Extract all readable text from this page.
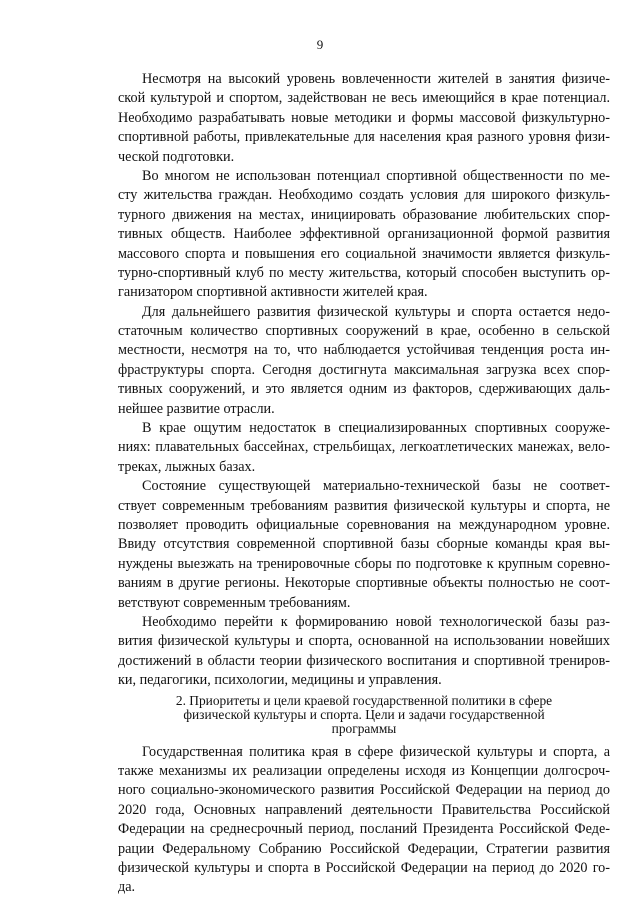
9
Несмотря на высокий уровень вовлеченности жителей в занятия физиче-
ской культурой и спортом, задействован не весь имеющийся в крае потенциал.
Необходимо разрабатывать новые методики и формы массовой физкультурно-
спортивной работы, привлекательные для населения края разного уровня физи-
ческой подготовки.
Во многом не использован потенциал спортивной общественности по ме-
сту жительства граждан. Необходимо создать условия для широкого физкуль-
турного движения на местах, инициировать образование любительских спор-
тивных обществ. Наиболее эффективной организационной формой развития
массового спорта и повышения его социальной значимости является физкуль-
турно-спортивный клуб по месту жительства, который способен выступить ор-
ганизатором спортивной активности жителей края.
Для дальнейшего развития физической культуры и спорта остается недо-
статочным количество спортивных сооружений в крае, особенно в сельской
местности, несмотря на то, что наблюдается устойчивая тенденция роста ин-
фраструктуры спорта. Сегодня достигнута максимальная загрузка всех спор-
тивных сооружений, и это является одним из факторов, сдерживающих даль-
нейшее развитие отрасли.
В крае ощутим недостаток в специализированных спортивных сооруже-
ниях: плавательных бассейнах, стрельбищах, легкоатлетических манежах, вело-
треках, лыжных базах.
Состояние существующей материально-технической базы не соответ-
ствует современным требованиям развития физической культуры и спорта, не
позволяет проводить официальные соревнования на международном уровне.
Ввиду отсутствия современной спортивной базы сборные команды края вы-
нуждены выезжать на тренировочные сборы по подготовке к крупным соревно-
ваниям в другие регионы. Некоторые спортивные объекты полностью не соот-
ветствуют современным требованиям.
Необходимо перейти к формированию новой технологической базы раз-
вития физической культуры и спорта, основанной на использовании новейших
достижений в области теории физического воспитания и спортивной трениров-
ки, педагогики, психологии, медицины и управления.
2. Приоритеты и цели краевой государственной политики в сфере
физической культуры и спорта. Цели и задачи государственной
программы
Государственная политика края в сфере физической культуры и спорта, а
также механизмы их реализации определены исходя из Концепции долгосроч-
ного социально-экономического развития Российской Федерации на период до
2020 года, Основных направлений деятельности Правительства Российской
Федерации на среднесрочный период, посланий Президента Российской Феде-
рации Федеральному Собранию Российской Федерации, Стратегии развития
физической культуры и спорта в Российской Федерации на период до 2020 го-
да.
